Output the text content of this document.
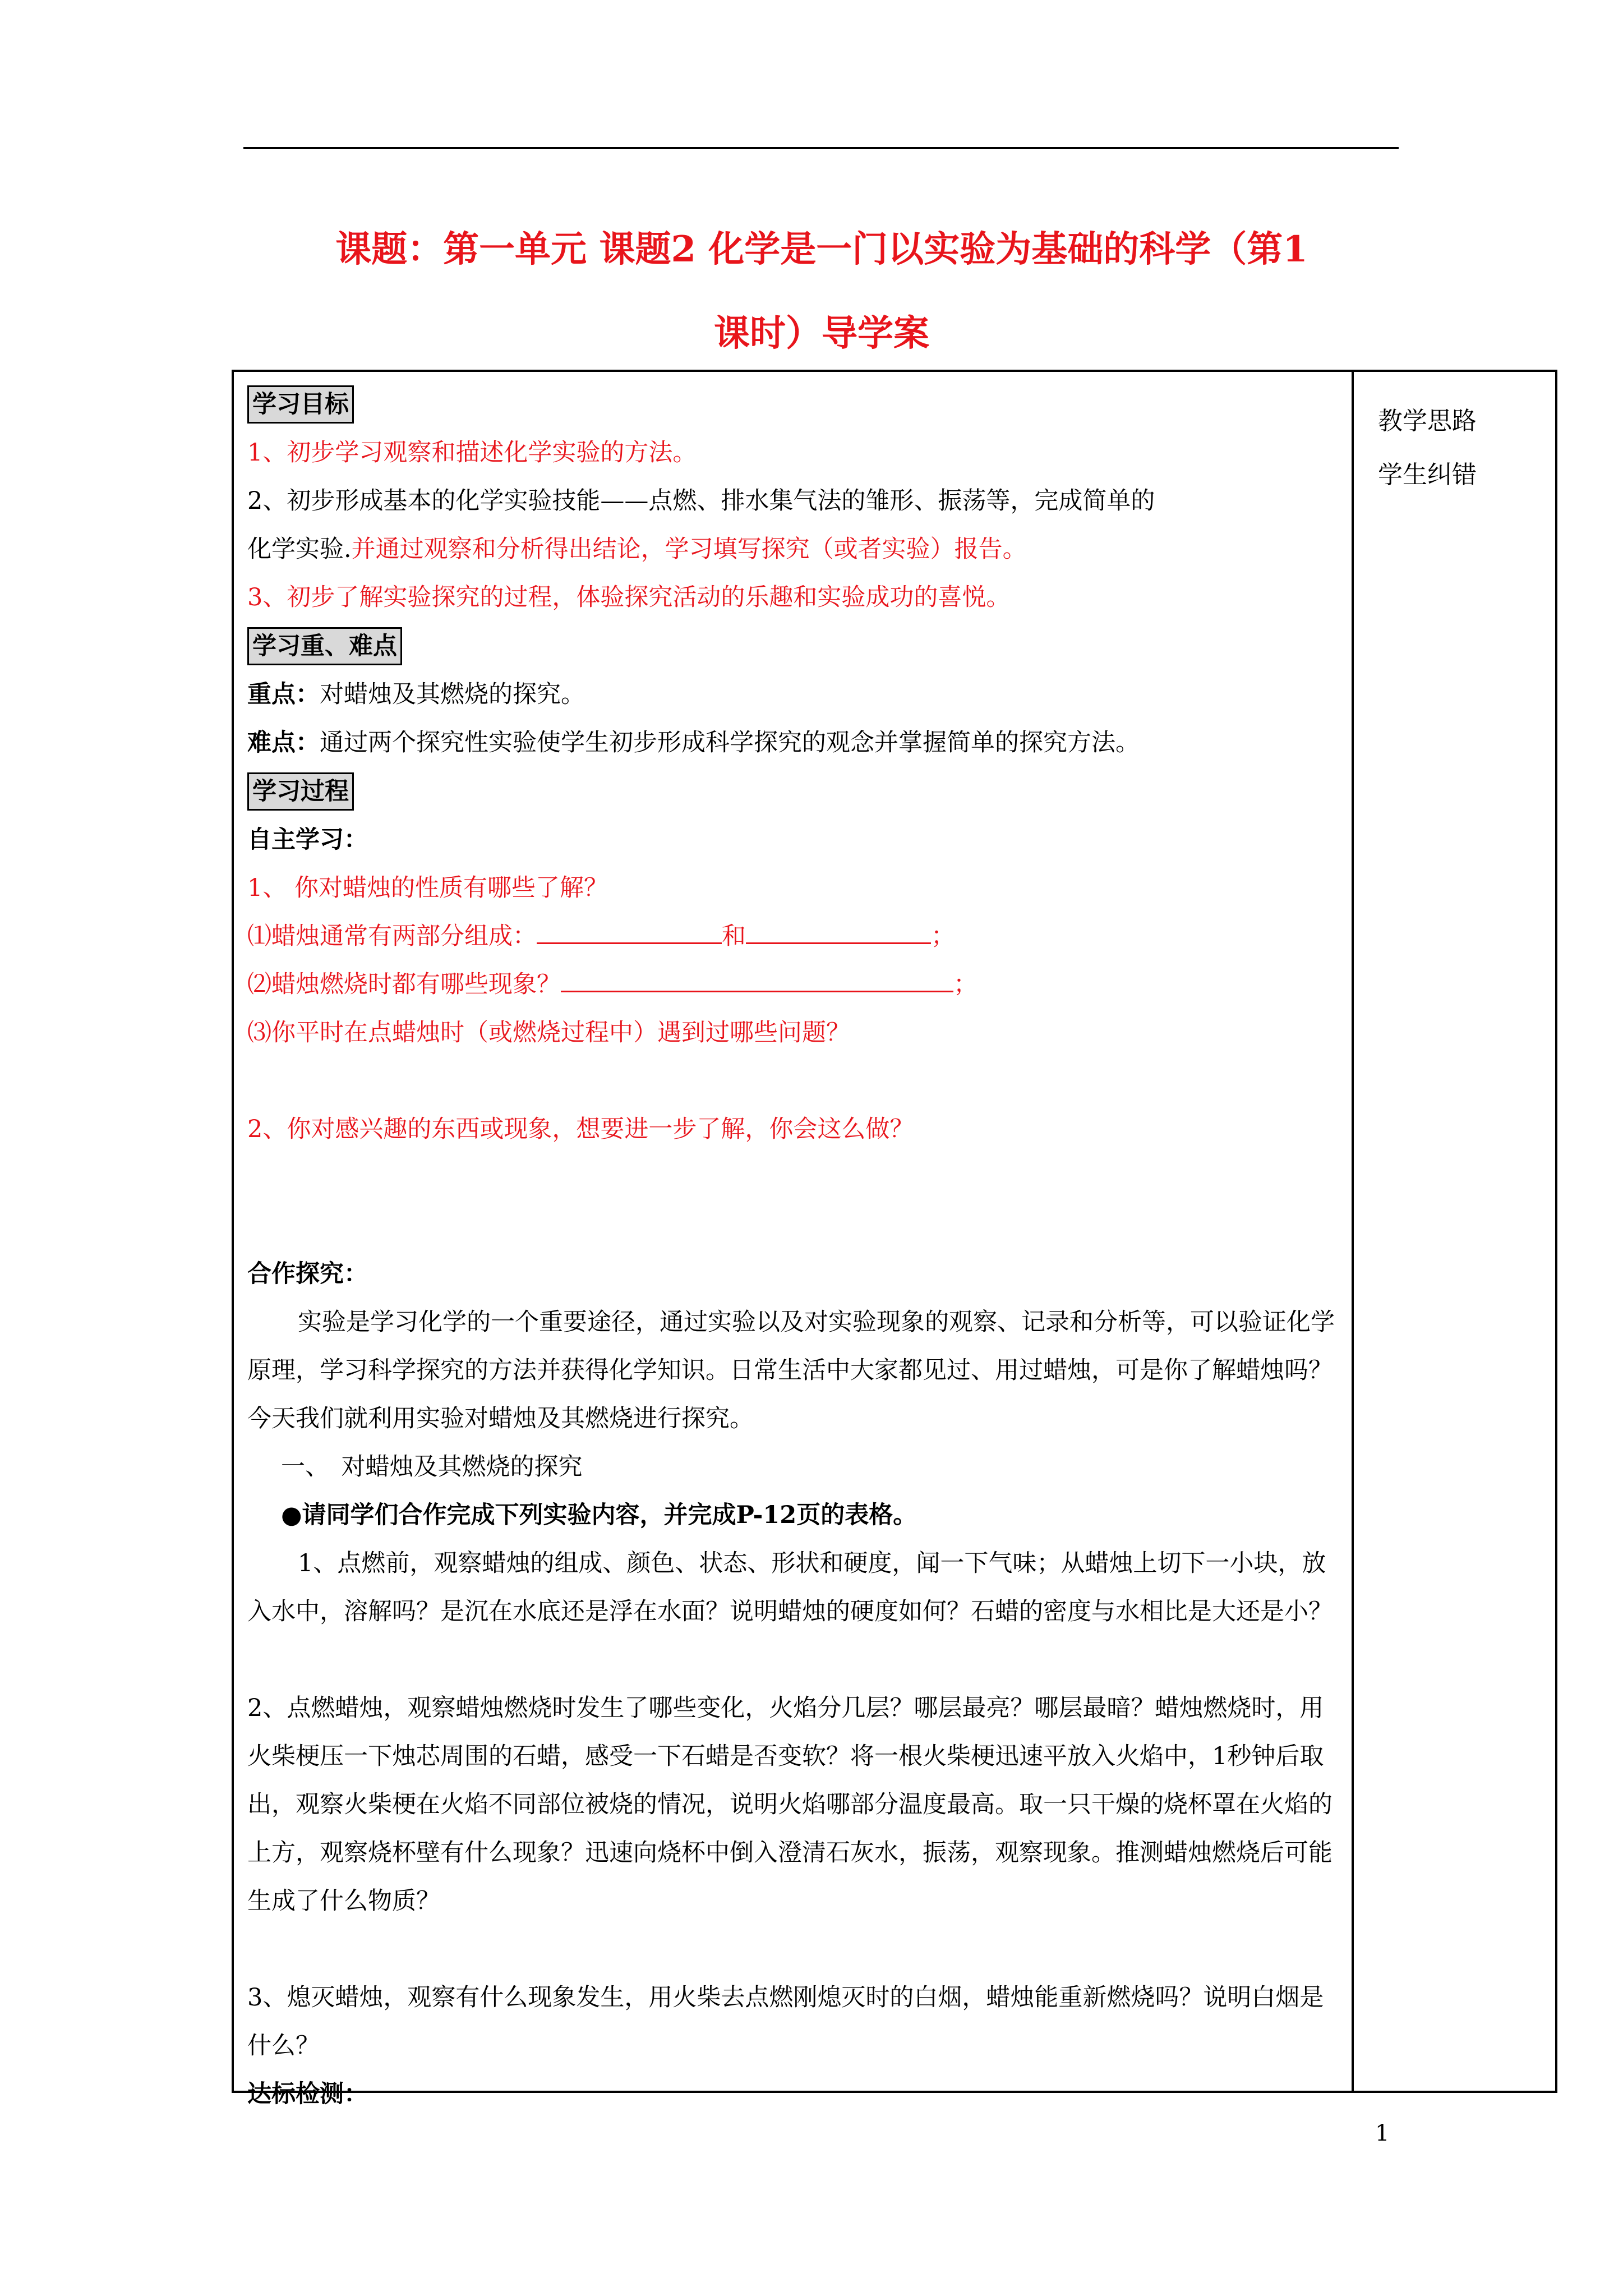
课题：第一单元 课题2 化学是一门以实验为基础的科学（第1
课时）导学案
教学思路
学生纠错
学习目标

1、初步学习观察和描述化学实验的方法。

2、初步形成基本的化学实验技能——点燃、排水集气法的雏形、振荡等，完成简单的

化学实验.并通过观察和分析得出结论，学习填写探究（或者实验）报告。

3、初步了解实验探究的过程，体验探究活动的乐趣和实验成功的喜悦。

学习重、难点

重点：对蜡烛及其燃烧的探究。

难点：通过两个探究性实验使学生初步形成科学探究的观念并掌握简单的探究方法。

学习过程

自主学习：

1、 你对蜡烛的性质有哪些了解？

⑴蜡烛通常有两部分组成：	和	；

⑵蜡烛燃烧时都有哪些现象？	；

⑶你平时在点蜡烛时（或燃烧过程中）遇到过哪些问题？

2、你对感兴趣的东西或现象，想要进一步了解，你会这么做？

合作探究：

实验是学习化学的一个重要途径，通过实验以及对实验现象的观察、记录和分析等，可以验证化学原理，学习科学探究的方法并获得化学知识。日常生活中大家都见过、用过蜡烛，可是你了解蜡烛吗？今天我们就利用实验对蜡烛及其燃烧进行探究。

一、　对蜡烛及其燃烧的探究

●请同学们合作完成下列实验内容，并完成P-12页的表格。

1、点燃前，观察蜡烛的组成、颜色、状态、形状和硬度，闻一下气味；从蜡烛上切下一小块，放入水中，溶解吗？是沉在水底还是浮在水面？说明蜡烛的硬度如何？石蜡的密度与水相比是大还是小？

2、点燃蜡烛，观察蜡烛燃烧时发生了哪些变化，火焰分几层？哪层最亮？哪层最暗？蜡烛燃烧时，用火柴梗压一下烛芯周围的石蜡，感受一下石蜡是否变软？将一根火柴梗迅速平放入火焰中，1秒钟后取出，观察火柴梗在火焰不同部位被烧的情况，说明火焰哪部分温度最高。取一只干燥的烧杯罩在火焰的上方，观察烧杯壁有什么现象？迅速向烧杯中倒入澄清石灰水，振荡，观察现象。推测蜡烛燃烧后可能生成了什么物质？

3、熄灭蜡烛，观察有什么现象发生，用火柴去点燃刚熄灭时的白烟，蜡烛能重新燃烧吗？说明白烟是什么？

达标检测：

1
